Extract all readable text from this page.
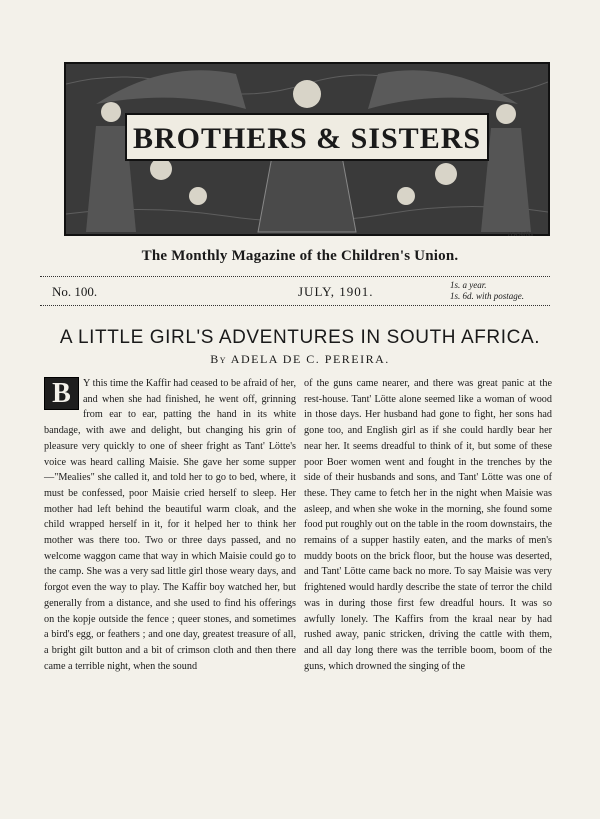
BROTHERS & SISTERS
H.R.Millar
The Monthly Magazine of the Children's Union.
No. 100.	JULY, 1901.	1s. a year.
1s. 6d. with postage.
A LITTLE GIRL'S ADVENTURES IN SOUTH AFRICA.
By ADELA DE C. PEREIRA.
B	Y this time the Kaffir had ceased to be afraid of her, and when she had finished, he went off, grinning from ear to ear, patting the hand in its white bandage, with awe and delight, but changing his grin of pleasure very quickly to one of sheer fright as Tant' Lötte's voice was heard calling Maisie. She gave her some supper—"Mealies" she called it, and told her to go to bed, where, it must be confessed, poor Maisie cried herself to sleep. Her mother had left behind the beautiful warm cloak, and the child wrapped herself in it, for it helped her to think her mother was there too. Two or three days passed, and no welcome waggon came that way in which Maisie could go to the camp. She was a very sad little girl those weary days, and forgot even the way to play. The Kaffir boy watched her, but generally from a distance, and she used to find his offerings on the kopje outside the fence ; queer stones, and sometimes a bird's egg, or feathers ; and one day, greatest treasure of all, a bright gilt button and a bit of crimson cloth and then there came a terrible night, when the sound

of the guns came nearer, and there was great panic at the rest-house. Tant' Lötte alone seemed like a woman of wood in those days. Her husband had gone to fight, her sons had gone too, and English girl as if she could hardly bear her near her. It seems dreadful to think of it, but some of these poor Boer women went and fought in the trenches by the side of their husbands and sons, and Tant' Lötte was one of these. They came to fetch her in the night when Maisie was asleep, and when she woke in the morning, she found some food put roughly out on the table in the room downstairs, the remains of a supper hastily eaten, and the marks of men's muddy boots on the brick floor, but the house was deserted, and Tant' Lötte came back no more. To say Maisie was very frightened would hardly describe the state of terror the child was in during those first few dreadful hours. It was so awfully lonely. The Kaffirs from the kraal near by had rushed away, panic stricken, driving the cattle with them, and all day long there was the terrible boom, boom of the guns, which drowned the singing of the
